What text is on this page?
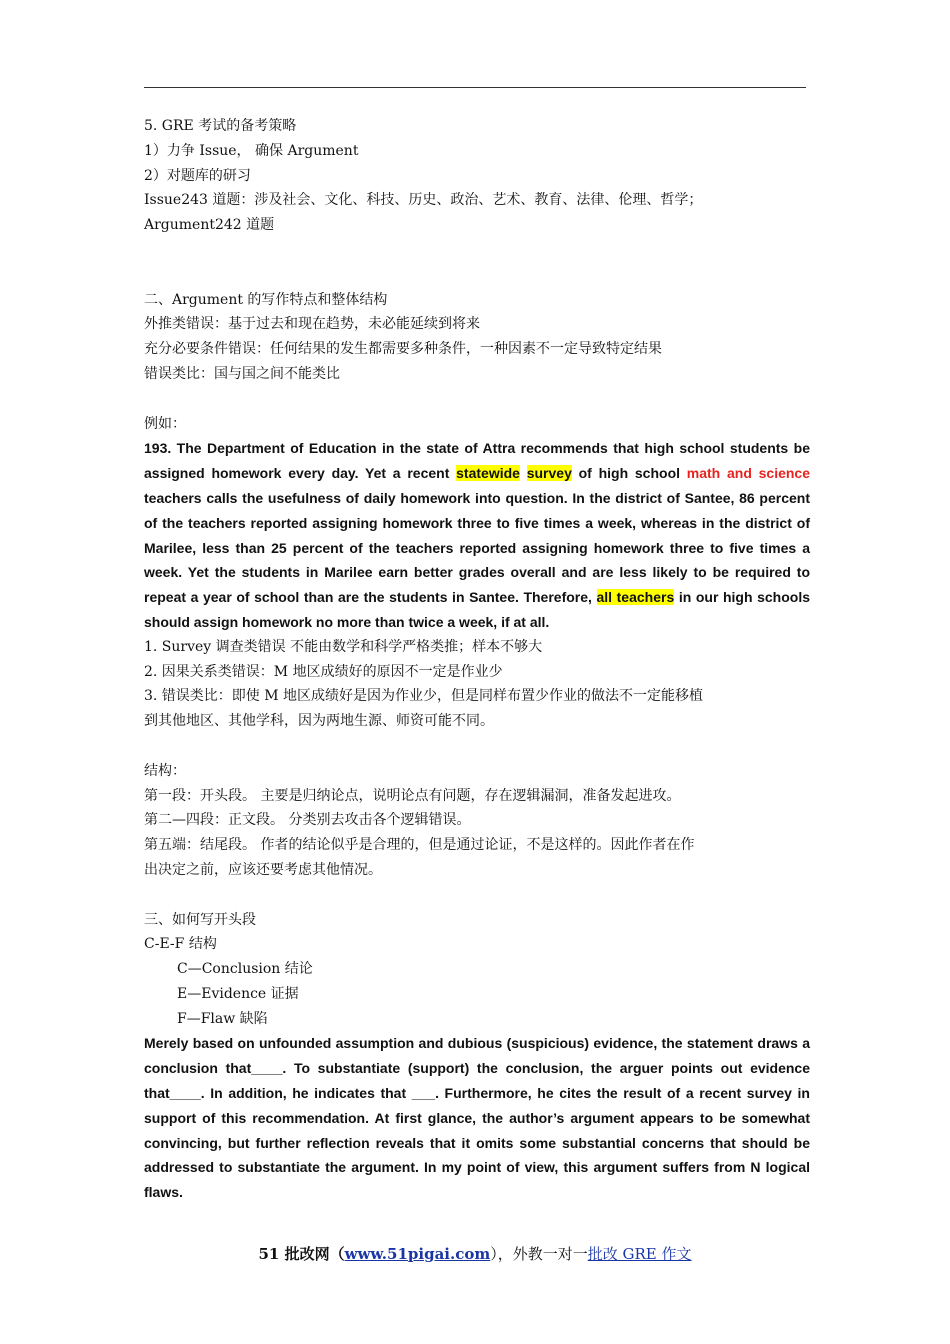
5. GRE 考试的备考策略
1）力争 Issue， 确保 Argument
2）对题库的研习
Issue243 道题：涉及社会、文化、科技、历史、政治、艺术、教育、法律、伦理、哲学；
Argument242 道题
二、Argument 的写作特点和整体结构
外推类错误：基于过去和现在趋势，未必能延续到将来
充分必要条件错误：任何结果的发生都需要多种条件，一种因素不一定导致特定结果
错误类比：国与国之间不能类比
例如：
193. The Department of Education in the state of Attra recommends that high school students be assigned homework every day. Yet a recent statewide survey of high school math and science teachers calls the usefulness of daily homework into question. In the district of Santee, 86 percent of the teachers reported assigning homework three to five times a week, whereas in the district of Marilee, less than 25 percent of the teachers reported assigning homework three to five times a week. Yet the students in Marilee earn better grades overall and are less likely to be required to repeat a year of school than are the students in Santee. Therefore, all teachers in our high schools should assign homework no more than twice a week, if at all.
1. Survey 调查类错误 不能由数学和科学严格类推；样本不够大
2. 因果关系类错误：M 地区成绩好的原因不一定是作业少
3. 错误类比：即使 M 地区成绩好是因为作业少，但是同样布置少作业的做法不一定能移植
到其他地区、其他学科，因为两地生源、师资可能不同。
结构：
第一段：开头段。 主要是归纳论点，说明论点有问题，存在逻辑漏洞，准备发起进攻。
第二—四段：正文段。 分类别去攻击各个逻辑错误。
第五端：结尾段。 作者的结论似乎是合理的，但是通过论证，不是这样的。因此作者在作
出决定之前，应该还要考虑其他情况。
三、如何写开头段
C-E-F 结构
C—Conclusion 结论
E—Evidence 证据
F—Flaw 缺陷
Merely based on unfounded assumption and dubious (suspicious) evidence, the statement draws a conclusion that____. To substantiate (support) the conclusion, the arguer points out evidence that____. In addition, he indicates that ___. Furthermore, he cites the result of a recent survey in support of this recommendation. At first glance, the author’s argument appears to be somewhat convincing, but further reflection reveals that it omits some substantial concerns that should be addressed to substantiate the argument. In my point of view, this argument suffers from N logical flaws.
51 批改网（www.51pigai.com），外教一对一批改 GRE 作文
